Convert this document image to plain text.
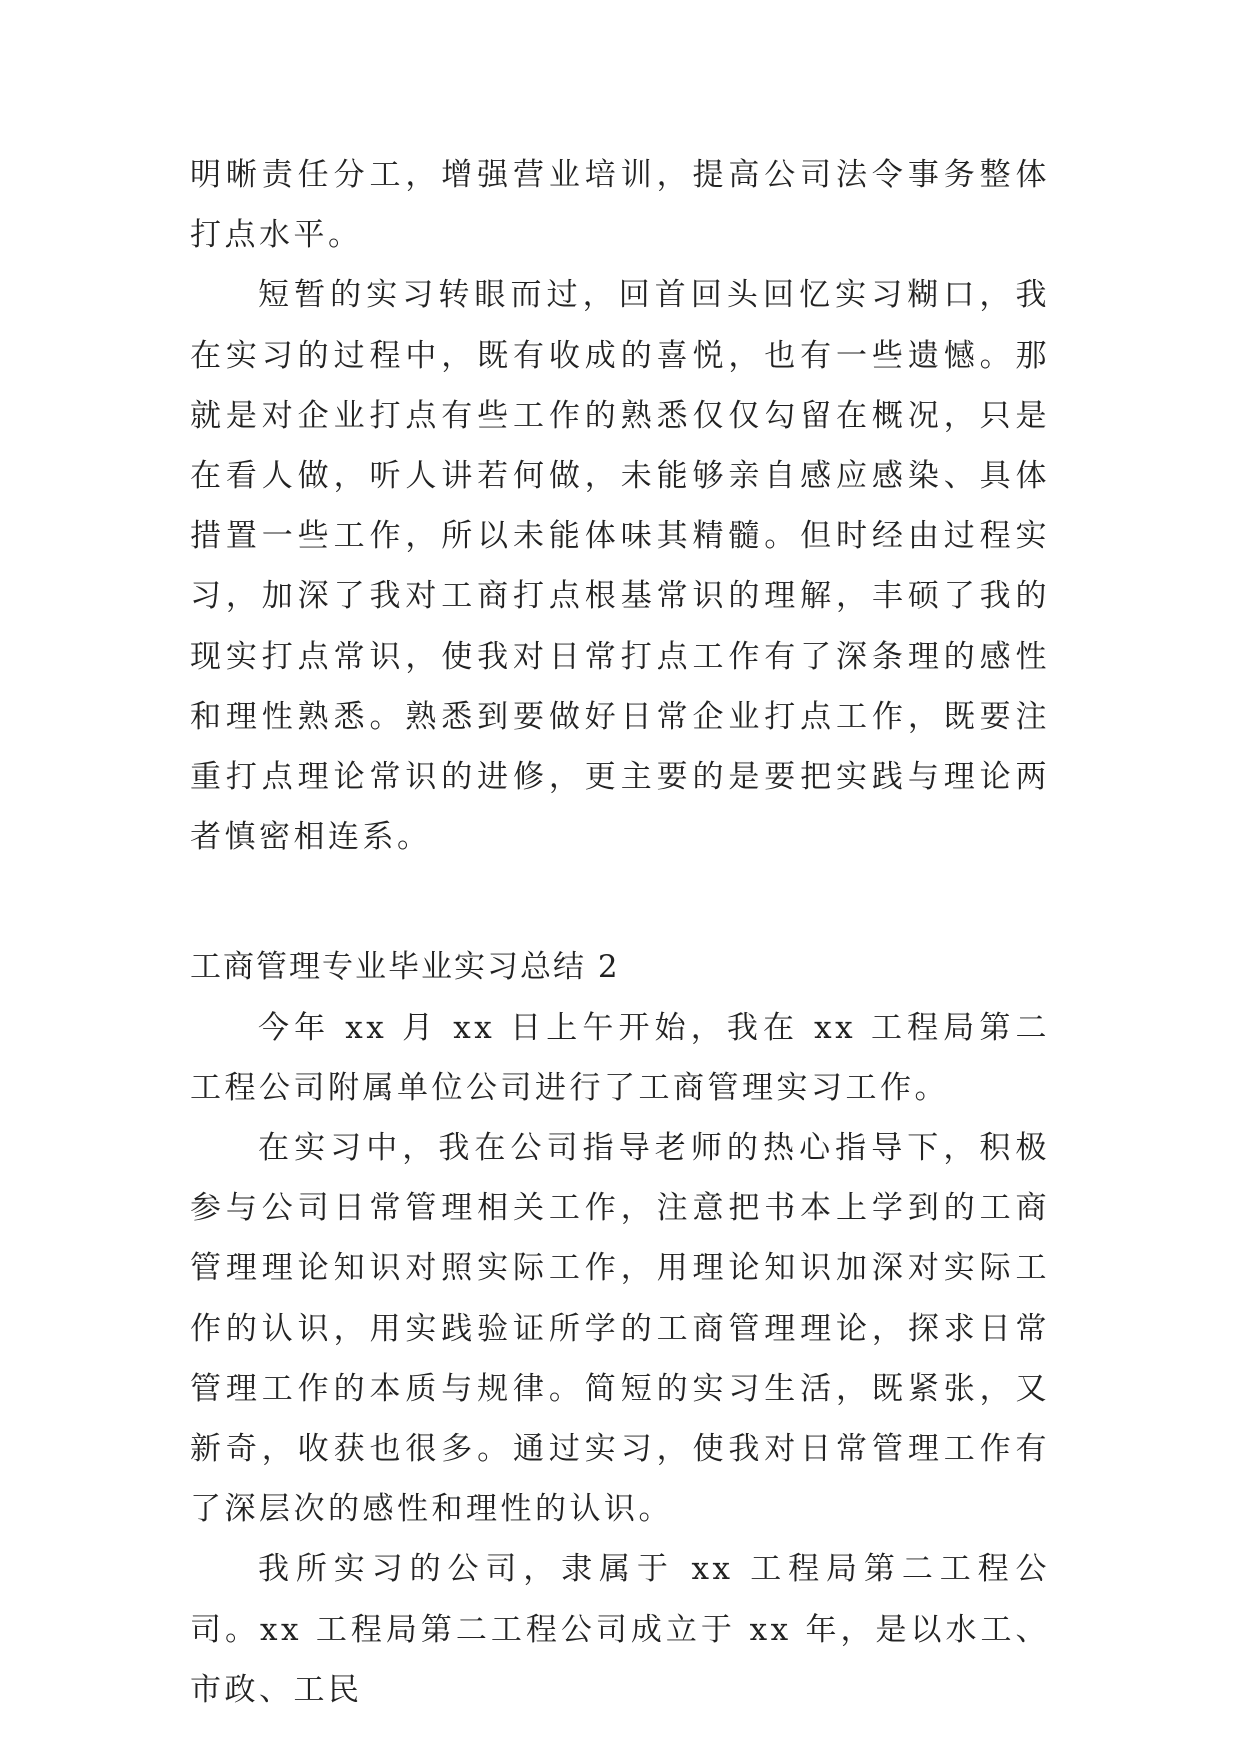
明晰责任分工，增强营业培训，提高公司法令事务整体打点水平。

短暂的实习转眼而过，回首回头回忆实习糊口，我在实习的过程中，既有收成的喜悦，也有一些遗憾。那就是对企业打点有些工作的熟悉仅仅勾留在概况，只是在看人做，听人讲若何做，未能够亲自感应感染、具体措置一些工作，所以未能体味其精髓。但时经由过程实习，加深了我对工商打点根基常识的理解，丰硕了我的现实打点常识，使我对日常打点工作有了深条理的感性和理性熟悉。熟悉到要做好日常企业打点工作，既要注重打点理论常识的进修，更主要的是要把实践与理论两者慎密相连系。

工商管理专业毕业实习总结 2

今年 xx 月 xx 日上午开始，我在 xx 工程局第二工程公司附属单位公司进行了工商管理实习工作。

在实习中，我在公司指导老师的热心指导下，积极参与公司日常管理相关工作，注意把书本上学到的工商管理理论知识对照实际工作，用理论知识加深对实际工作的认识，用实践验证所学的工商管理理论，探求日常管理工作的本质与规律。简短的实习生活，既紧张，又新奇，收获也很多。通过实习，使我对日常管理工作有了深层次的感性和理性的认识。

我所实习的公司，隶属于 xx 工程局第二工程公司。xx 工程局第二工程公司成立于 xx 年，是以水工、市政、工民
